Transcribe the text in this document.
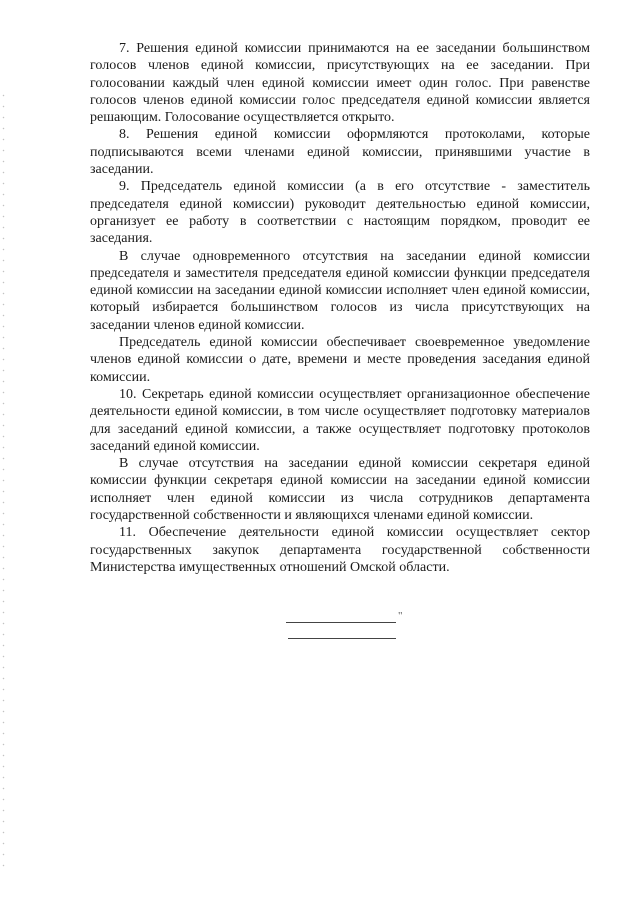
7. Решения единой комиссии принимаются на ее заседании большинством голосов членов единой комиссии, присутствующих на ее заседании. При голосовании каждый член единой комиссии имеет один голос. При равенстве голосов членов единой комиссии голос председателя единой комиссии является решающим. Голосование осуществляется открыто.

8. Решения единой комиссии оформляются протоколами, которые подписываются всеми членами единой комиссии, принявшими участие в заседании.

9. Председатель единой комиссии (а в его отсутствие - заместитель председателя единой комиссии) руководит деятельностью единой комиссии, организует ее работу в соответствии с настоящим порядком, проводит ее заседания.

В случае одновременного отсутствия на заседании единой комиссии председателя и заместителя председателя единой комиссии функции председателя единой комиссии на заседании единой комиссии исполняет член единой комиссии, который избирается большинством голосов из числа присутствующих на заседании членов единой комиссии.

Председатель единой комиссии обеспечивает своевременное уведомление членов единой комиссии о дате, времени и месте проведения заседания единой комиссии.

10. Секретарь единой комиссии осуществляет организационное обеспечение деятельности единой комиссии, в том числе осуществляет подготовку материалов для заседаний единой комиссии, а также осуществляет подготовку протоколов заседаний единой комиссии.

В случае отсутствия на заседании единой комиссии секретаря единой комиссии функции секретаря единой комиссии на заседании единой комиссии исполняет член единой комиссии из числа сотрудников департамента государственной собственности и являющихся членами единой комиссии.

11. Обеспечение деятельности единой комиссии осуществляет сектор государственных закупок департамента государственной собственности Министерства имущественных отношений Омской области.

"
